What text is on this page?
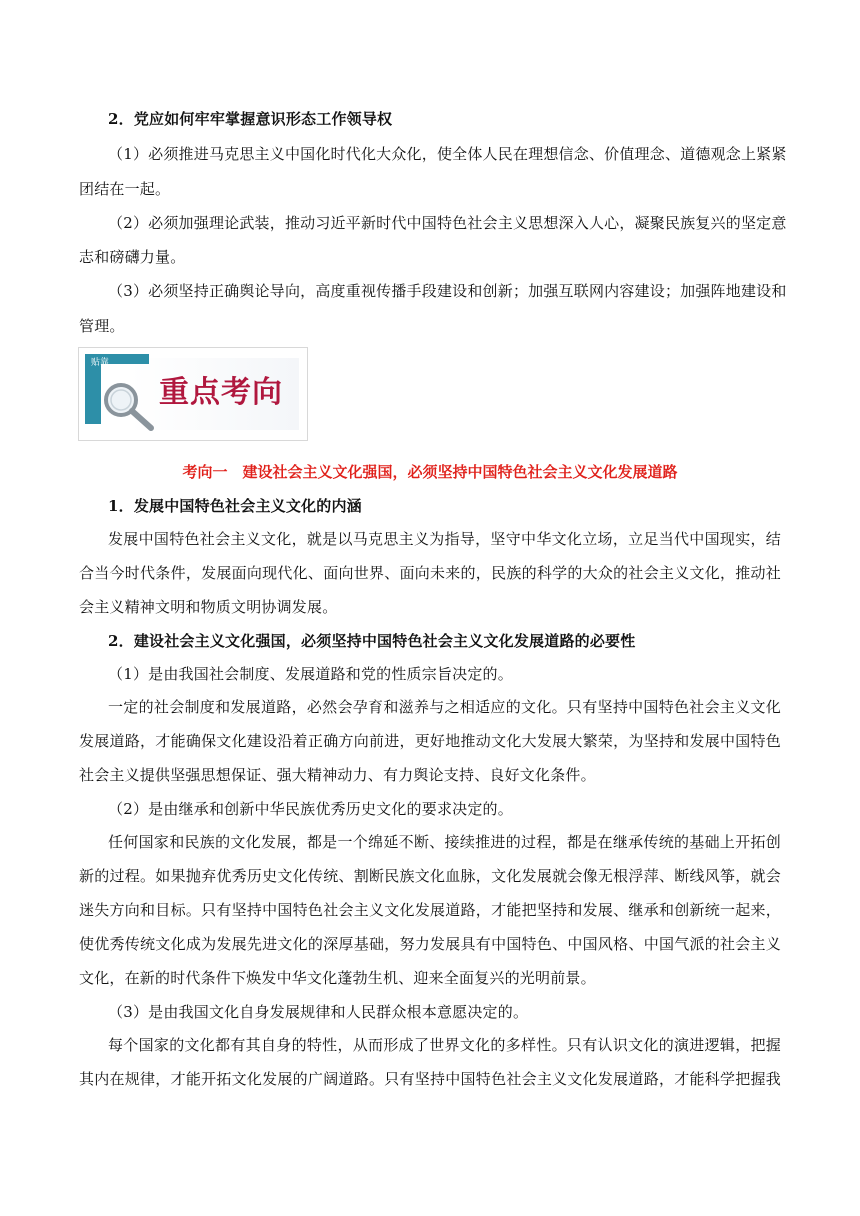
2．党应如何牢牢掌握意识形态工作领导权
（1）必须推进马克思主义中国化时代化大众化，使全体人民在理想信念、价值理念、道德观念上紧紧
团结在一起。
（2）必须加强理论武装，推动习近平新时代中国特色社会主义思想深入人心，凝聚民族复兴的坚定意
志和磅礴力量。
（3）必须坚持正确舆论导向，高度重视传播手段建设和创新；加强互联网内容建设；加强阵地建设和
管理。
贴靠
重点考向
考向一　建设社会主义文化强国，必须坚持中国特色社会主义文化发展道路
1．发展中国特色社会主义文化的内涵
发展中国特色社会主义文化，就是以马克思主义为指导，坚守中华文化立场，立足当代中国现实，结
合当今时代条件，发展面向现代化、面向世界、面向未来的，民族的科学的大众的社会主义文化，推动社
会主义精神文明和物质文明协调发展。
2．建设社会主义文化强国，必须坚持中国特色社会主义文化发展道路的必要性
（1）是由我国社会制度、发展道路和党的性质宗旨决定的。
一定的社会制度和发展道路，必然会孕育和滋养与之相适应的文化。只有坚持中国特色社会主义文化
发展道路，才能确保文化建设沿着正确方向前进，更好地推动文化大发展大繁荣，为坚持和发展中国特色
社会主义提供坚强思想保证、强大精神动力、有力舆论支持、良好文化条件。
（2）是由继承和创新中华民族优秀历史文化的要求决定的。
任何国家和民族的文化发展，都是一个绵延不断、接续推进的过程，都是在继承传统的基础上开拓创
新的过程。如果抛弃优秀历史文化传统、割断民族文化血脉，文化发展就会像无根浮萍、断线风筝，就会
迷失方向和目标。只有坚持中国特色社会主义文化发展道路，才能把坚持和发展、继承和创新统一起来，
使优秀传统文化成为发展先进文化的深厚基础，努力发展具有中国特色、中国风格、中国气派的社会主义
文化，在新的时代条件下焕发中华文化蓬勃生机、迎来全面复兴的光明前景。
（3）是由我国文化自身发展规律和人民群众根本意愿决定的。
每个国家的文化都有其自身的特性，从而形成了世界文化的多样性。只有认识文化的演进逻辑，把握
其内在规律，才能开拓文化发展的广阔道路。只有坚持中国特色社会主义文化发展道路，才能科学把握我
